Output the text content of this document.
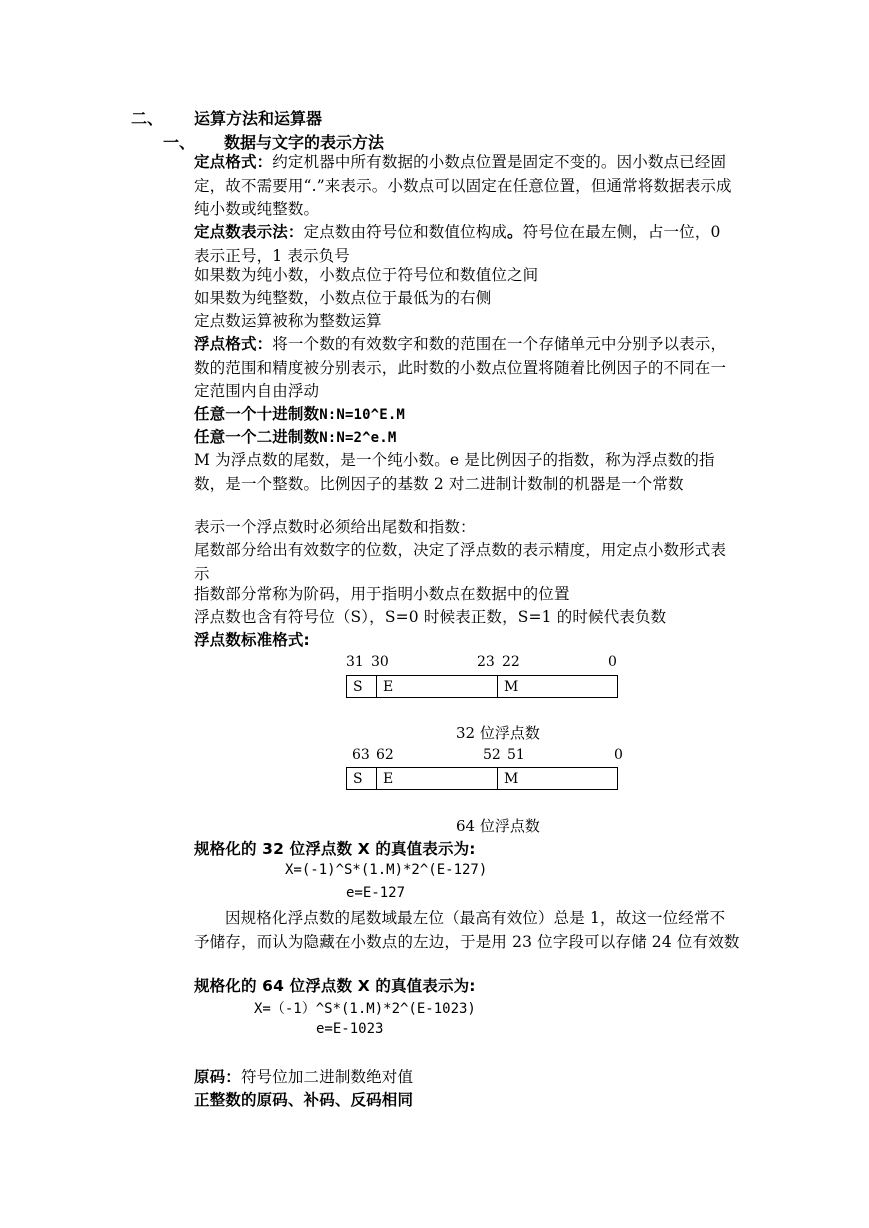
二、 运算方法和运算器
一、 数据与文字的表示方法
定点格式：约定机器中所有数据的小数点位置是固定不变的。因小数点已经固定，故不需要用“.”来表示。小数点可以固定在任意位置，但通常将数据表示成纯小数或纯整数。
定点数表示法：定点数由符号位和数值位构成。符号位在最左侧，占一位，0 表示正号，1 表示负号
如果数为纯小数，小数点位于符号位和数值位之间
如果数为纯整数，小数点位于最低为的右侧
定点数运算被称为整数运算
浮点格式：将一个数的有效数字和数的范围在一个存储单元中分别予以表示，数的范围和精度被分别表示，此时数的小数点位置将随着比例因子的不同在一定范围内自由浮动
任意一个十进制数N:N=10^E.M
任意一个二进制数N:N=2^e.M
M 为浮点数的尾数，是一个纯小数。e 是比例因子的指数，称为浮点数的指数，是一个整数。比例因子的基数 2 对二进制计数制的机器是一个常数
表示一个浮点数时必须给出尾数和指数：
尾数部分给出有效数字的位数，决定了浮点数的表示精度，用定点小数形式表示
指数部分常称为阶码，用于指明小数点在数据中的位置
浮点数也含有符号位（S），S=0 时候表正数，S=1 的时候代表负数
浮点数标准格式:
31 30	23 22	0
S	E	M
32 位浮点数
63 62	52 51	0
S	E	M
64 位浮点数
规格化的 32 位浮点数 X 的真值表示为:
X=(-1)^S*(1.M)*2^(E-127)
e=E-127
因规格化浮点数的尾数域最左位（最高有效位）总是 1，故这一位经常不予储存，而认为隐藏在小数点的左边，于是用 23 位字段可以存储 24 位有效数
规格化的 64 位浮点数 X 的真值表示为:
X=（-1）^S*(1.M)*2^(E-1023)
e=E-1023
原码：符号位加二进制数绝对值
正整数的原码、补码、反码相同
